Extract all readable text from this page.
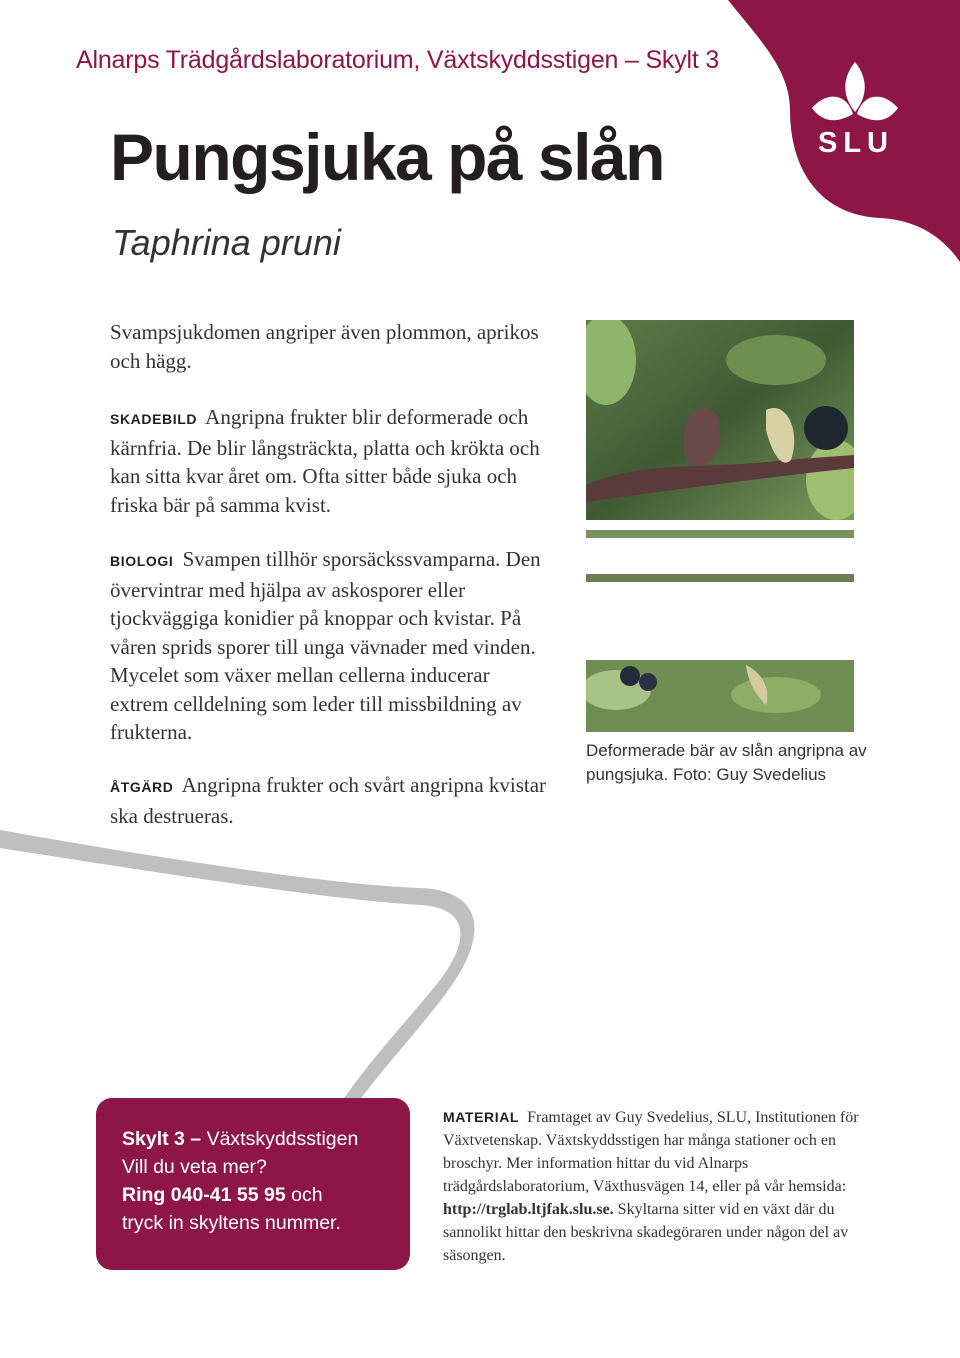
SLU
Alnarps Trädgårdslaboratorium, Växtskyddsstigen – Skylt 3
Pungsjuka på slån
Taphrina pruni
Svampsjukdomen angriper även plommon, aprikos och hägg.
SKADEBILD Angripna frukter blir deformerade och kärnfria. De blir långsträckta, platta och krökta och kan sitta kvar året om. Ofta sitter både sjuka och friska bär på samma kvist.
BIOLOGI Svampen tillhör sporsäckssvamparna. Den övervintrar med hjälpa av askosporer eller tjockväggiga konidier på knoppar och kvistar. På våren sprids sporer till unga vävnader med vinden. Mycelet som växer mellan cellerna inducerar extrem celldelning som leder till missbildning av frukterna.
ÅTGÄRD Angripna frukter och svårt angripna kvistar ska destrueras.
Deformerade bär av slån angripna av pungsjuka. Foto: Guy Svedelius
Skylt 3 – Växtskyddsstigen
Vill du veta mer?
Ring 040-41 55 95 och
tryck in skyltens nummer.
MATERIAL Framtaget av Guy Svedelius, SLU, Institutionen för Växtvetenskap. Växtskyddsstigen har många stationer och en broschyr. Mer information hittar du vid Alnarps trädgårdslaboratorium, Växthusvägen 14, eller på vår hemsida: http://trglab.ltjfak.slu.se. Skyltarna sitter vid en växt där du sannolikt hittar den beskrivna skadegöraren under någon del av säsongen.
